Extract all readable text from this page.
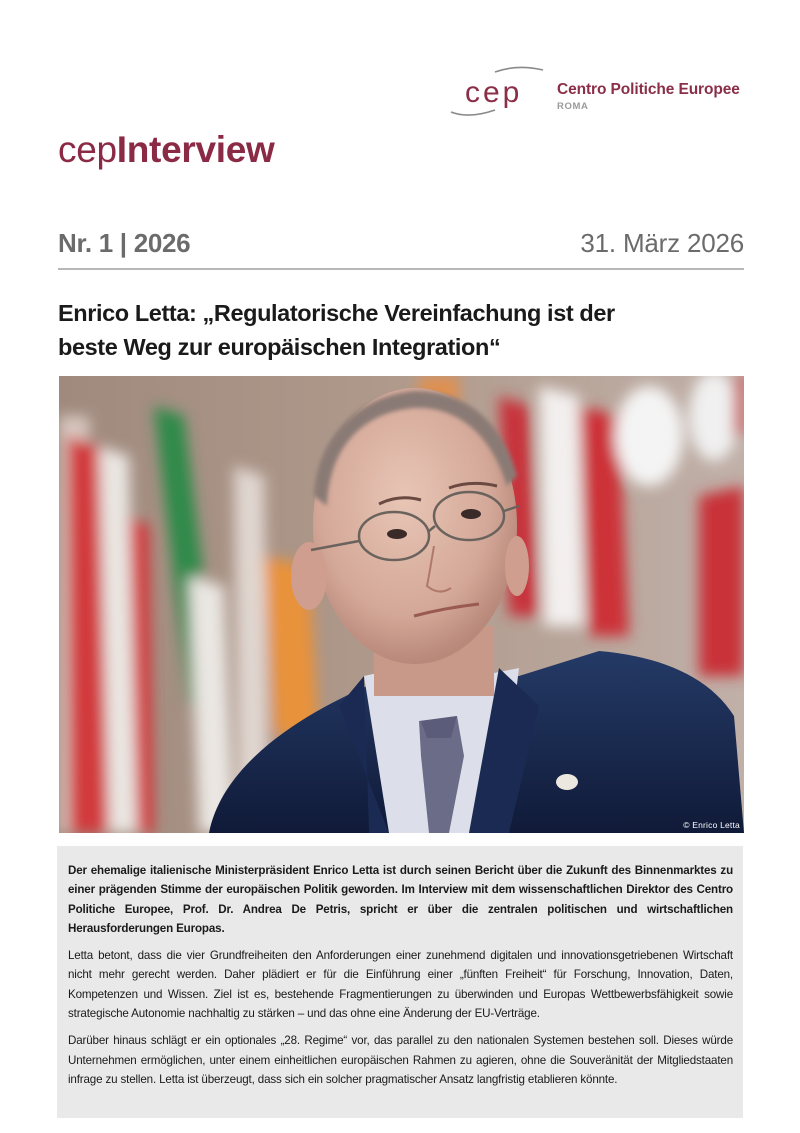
cep Centro Politiche Europee
ROMA
cepInterview
Nr. 1 | 2026	31. März 2026
Enrico Letta: „Regulatorische Vereinfachung ist der
beste Weg zur europäischen Integration“
© Enrico Letta

Der ehemalige italienische Ministerpräsident Enrico Letta ist durch seinen Bericht über die Zukunft des Binnenmarktes zu einer prägenden Stimme der europäischen Politik geworden. Im Interview mit dem wissenschaftlichen Direktor des Centro Politiche Europee, Prof. Dr. Andrea De Petris, spricht er über die zentralen politischen und wirtschaftlichen Herausforderungen Europas.

Letta betont, dass die vier Grundfreiheiten den Anforderungen einer zunehmend digitalen und innovationsgetriebenen Wirtschaft nicht mehr gerecht werden. Daher plädiert er für die Einführung einer „fünften Freiheit“ für Forschung, Innovation, Daten, Kompetenzen und Wissen. Ziel ist es, bestehende Fragmentierungen zu überwinden und Europas Wettbewerbsfähigkeit sowie strategische Autonomie nachhaltig zu stärken – und das ohne eine Änderung der EU-Verträge.

Darüber hinaus schlägt er ein optionales „28. Regime“ vor, das parallel zu den nationalen Systemen bestehen soll. Dieses würde Unternehmen ermöglichen, unter einem einheitlichen europäischen Rahmen zu agieren, ohne die Souveränität der Mitgliedstaaten infrage zu stellen. Letta ist überzeugt, dass sich ein solcher pragmatischer Ansatz langfristig etablieren könnte.
